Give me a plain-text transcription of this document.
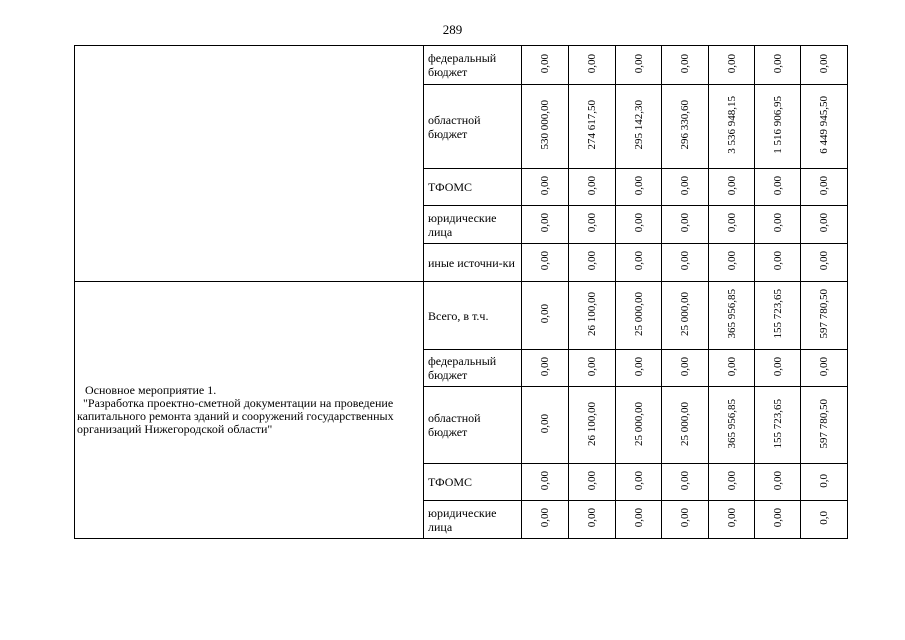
289
	федеральный бюджет	0,00	0,00	0,00	0,00	0,00	0,00	0,00
	областной бюджет	530 000,00	274 617,50	295 142,30	296 330,60	3 536 948,15	1 516 906,95	6 449 945,50
	ТФОМС	0,00	0,00	0,00	0,00	0,00	0,00	0,00
	юридические лица	0,00	0,00	0,00	0,00	0,00	0,00	0,00
	иные источни-ки	0,00	0,00	0,00	0,00	0,00	0,00	0,00

Основное мероприятие 1.
"Разработка проектно-сметной документации на проведение капитального ремонта зданий и сооружений государственных организаций Нижегородской области"	Всего, в т.ч.	0,00	26 100,00	25 000,00	25 000,00	365 956,85	155 723,65	597 780,50
	федеральный бюджет	0,00	0,00	0,00	0,00	0,00	0,00	0,00
	областной бюджет	0,00	26 100,00	25 000,00	25 000,00	365 956,85	155 723,65	597 780,50
	ТФОМС	0,00	0,00	0,00	0,00	0,00	0,00	0,0
	юридические лица	0,00	0,00	0,00	0,00	0,00	0,00	0,0
